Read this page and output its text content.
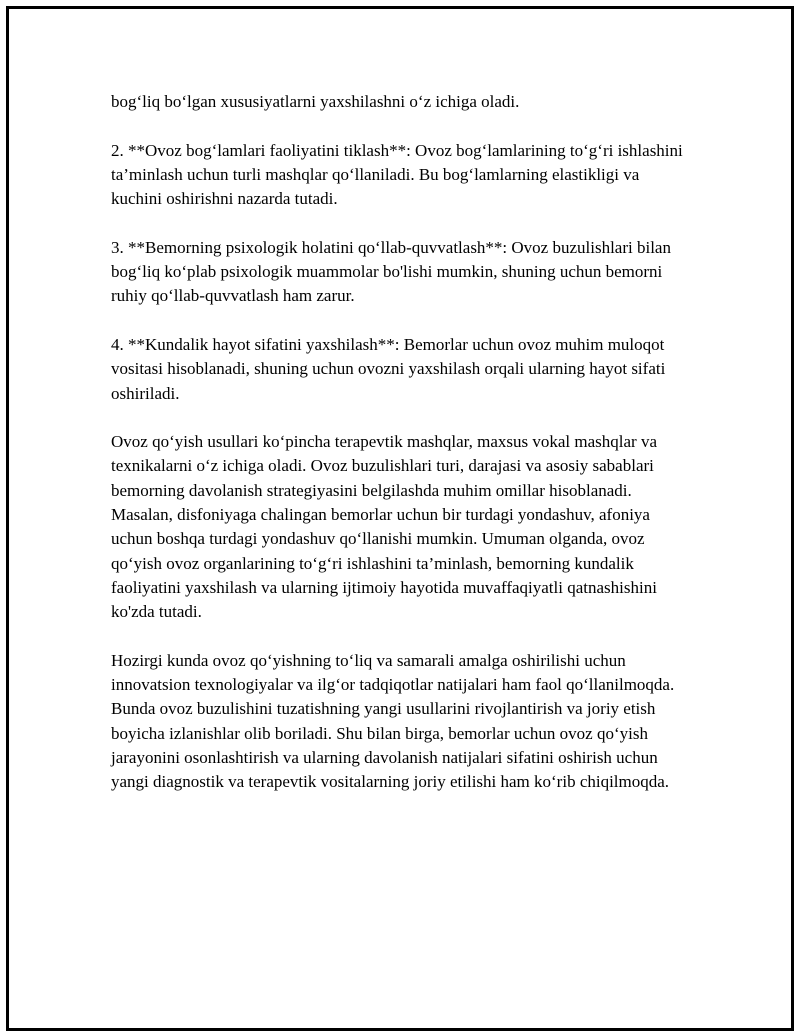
bog‘liq bo‘lgan xususiyatlarni yaxshilashni o‘z ichiga oladi.

2. **Ovoz bog‘lamlari faoliyatini tiklash**: Ovoz bog‘lamlarining to‘g‘ri ishlashini ta’minlash uchun turli mashqlar qo‘llaniladi. Bu bog‘lamlarning elastikligi va kuchini oshirishni nazarda tutadi.

3. **Bemorning psixologik holatini qo‘llab-quvvatlash**: Ovoz buzulishlari bilan bog‘liq ko‘plab psixologik muammolar bo'lishi mumkin, shuning uchun bemorni ruhiy qo‘llab-quvvatlash ham zarur.

4. **Kundalik hayot sifatini yaxshilash**: Bemorlar uchun ovoz muhim muloqot vositasi hisoblanadi, shuning uchun ovozni yaxshilash orqali ularning hayot sifati oshiriladi.

Ovoz qo‘yish usullari ko‘pincha terapevtik mashqlar, maxsus vokal mashqlar va texnikalarni o‘z ichiga oladi. Ovoz buzulishlari turi, darajasi va asosiy sabablari bemorning davolanish strategiyasini belgilashda muhim omillar hisoblanadi. Masalan, disfoniyaga chalingan bemorlar uchun bir turdagi yondashuv, afoniya uchun boshqa turdagi yondashuv qo‘llanishi mumkin. Umuman olganda, ovoz qo‘yish ovoz organlarining to‘g‘ri ishlashini ta’minlash, bemorning kundalik faoliyatini yaxshilash va ularning ijtimoiy hayotida muvaffaqiyatli qatnashishini ko'zda tutadi.

Hozirgi kunda ovoz qo‘yishning to‘liq va samarali amalga oshirilishi uchun innovatsion texnologiyalar va ilg‘or tadqiqotlar natijalari ham faol qo‘llanilmoqda. Bunda ovoz buzulishini tuzatishning yangi usullarini rivojlantirish va joriy etish boyicha izlanishlar olib boriladi. Shu bilan birga, bemorlar uchun ovoz qo‘yish jarayonini osonlashtirish va ularning davolanish natijalari sifatini oshirish uchun yangi diagnostik va terapevtik vositalarning joriy etilishi ham ko‘rib chiqilmoqda.
